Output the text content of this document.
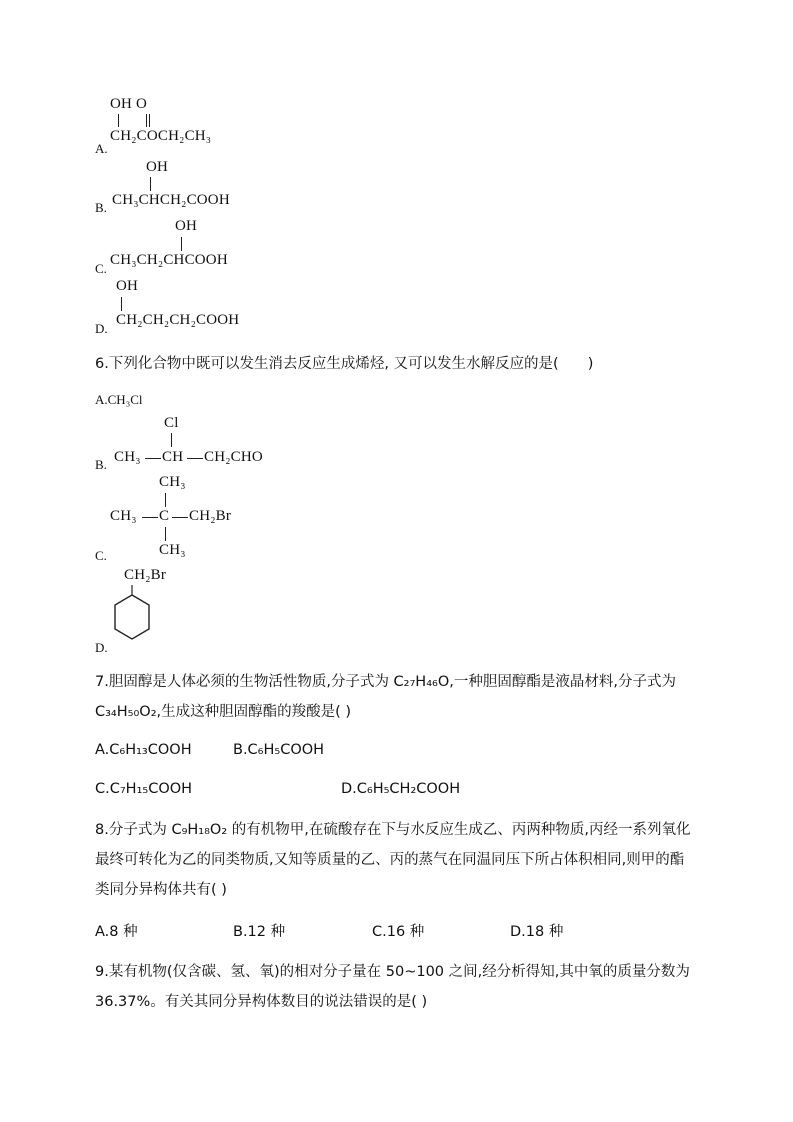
OH O
A.
CH₂COCH₂CH₃
OH
B. CH₃CHCH₂COOH
OH
C.
CH₃CH₂CHCOOH
OH
D.
CH₂CH₂CH₂COOH
6.下列化合物中既可以发生消去反应生成烯烃, 又可以发生水解反应的是(　　)
A.CH₃Cl
Cl
B. CH₃ CH CH₂CHO
CH₃
CH₃ C CH₂Br
C.	CH₃
CH₂Br
D.
7.胆固醇是人体必须的生物活性物质,分子式为 C₂₇H₄₆O,一种胆固醇酯是液晶材料,分子式为
C₃₄H₅₀O₂,生成这种胆固醇酯的羧酸是( )
A.C₆H₁₃COOH	B.C₆H₅COOH
C.C₇H₁₅COOH	D.C₆H₅CH₂COOH
8.分子式为 C₉H₁₈O₂ 的有机物甲,在硫酸存在下与水反应生成乙、丙两种物质,丙经一系列氧化
最终可转化为乙的同类物质,又知等质量的乙、丙的蒸气在同温同压下所占体积相同,则甲的酯
类同分异构体共有( )
A.8 种	B.12 种	C.16 种	D.18 种
9.某有机物(仅含碳、氢、氧)的相对分子量在 50~100 之间,经分析得知,其中氧的质量分数为
36.37%。有关其同分异构体数目的说法错误的是( )
